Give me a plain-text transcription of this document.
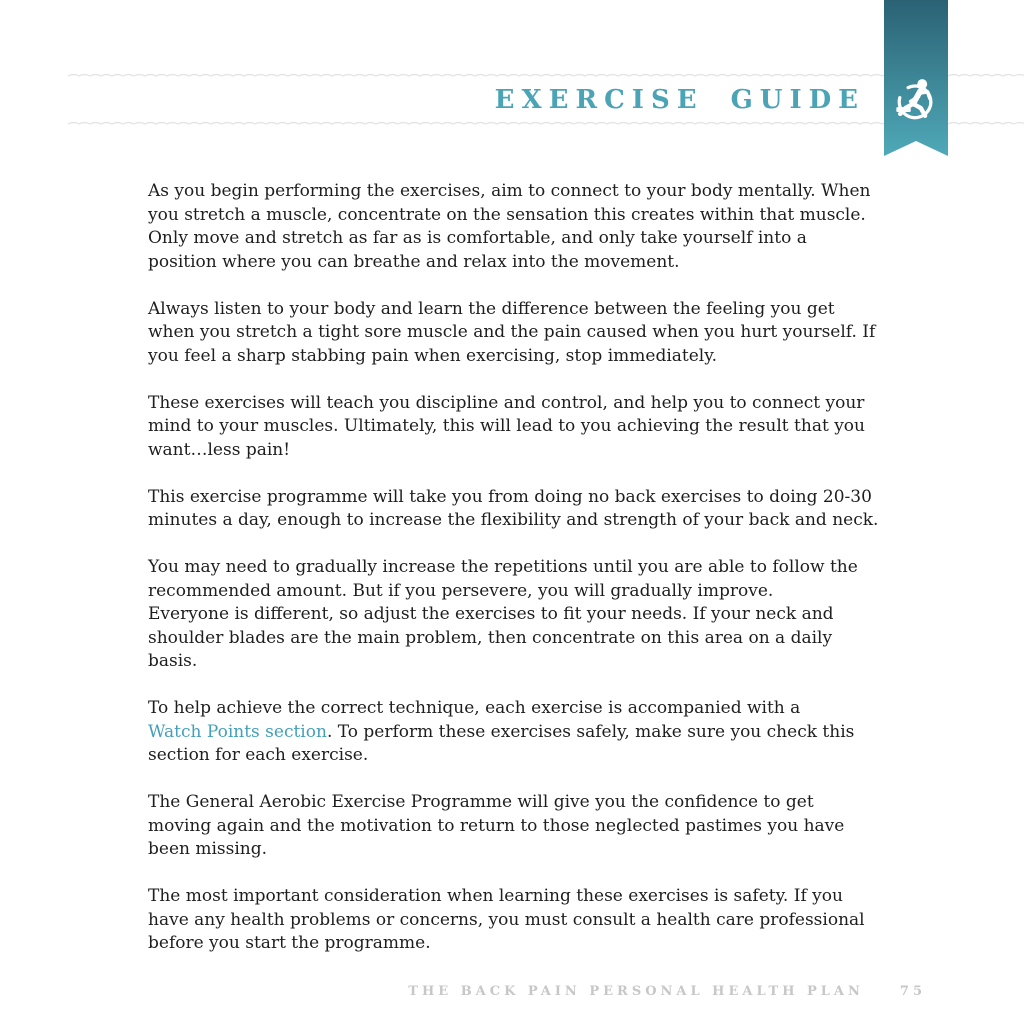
EXERCISE GUIDE

As you begin performing the exercises, aim to connect to your body mentally. When you stretch a muscle, concentrate on the sensation this creates within that muscle. Only move and stretch as far as is comfortable, and only take yourself into a position where you can breathe and relax into the movement.

Always listen to your body and learn the difference between the feeling you get when you stretch a tight sore muscle and the pain caused when you hurt yourself. If you feel a sharp stabbing pain when exercising, stop immediately.

These exercises will teach you discipline and control, and help you to connect your mind to your muscles. Ultimately, this will lead to you achieving the result that you want…less pain!

This exercise programme will take you from doing no back exercises to doing 20-30 minutes a day, enough to increase the flexibility and strength of your back and neck.

You may need to gradually increase the repetitions until you are able to follow the recommended amount. But if you persevere, you will gradually improve.
Everyone is different, so adjust the exercises to fit your needs. If your neck and shoulder blades are the main problem, then concentrate on this area on a daily basis.

To help achieve the correct technique, each exercise is accompanied with a
Watch Points section. To perform these exercises safely, make sure you check this section for each exercise.

The General Aerobic Exercise Programme will give you the confidence to get moving again and the motivation to return to those neglected pastimes you have been missing.

The most important consideration when learning these exercises is safety. If you have any health problems or concerns, you must consult a health care professional before you start the programme.

THE BACK PAIN PERSONAL HEALTH PLAN	75
